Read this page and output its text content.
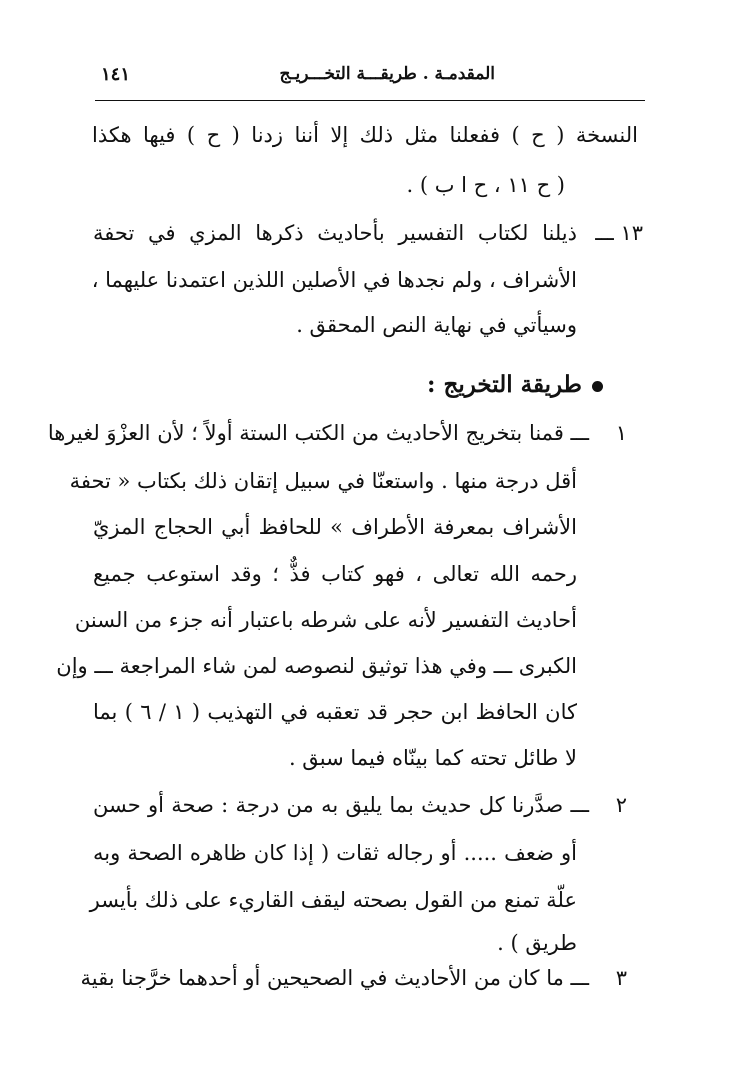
المقدمـة . طريقـــة التخـــريـج
١٤١
النسخة ( ح ) ففعلنا مثل ذلك إلا أننا زدنا ( ح ) فيها هكذا
( ح ١١ ، ح ا ب ) .
١٣ ـــ
ذيلنا لكتاب التفسير بأحاديث ذكرها المزي في تحفة
الأشراف ، ولم نجدها في الأصلين اللذين اعتمدنا عليهما ،
وسيأتي في نهاية النص المحقق .
طريقة التخريج :
١
ـــ قمنا بتخريج الأحاديث من الكتب الستة أولاً ؛ لأن العزْوَ لغيرها
أقل درجة منها . واستعنّا في سبيل إتقان ذلك بكتاب « تحفة
الأشراف بمعرفة الأطراف » للحافظ أبي الحجاج المزيّ
رحمه الله تعالى ، فهو كتاب فذٌّ ؛ وقد استوعب جميع
أحاديث التفسير لأنه على شرطه باعتبار أنه جزء من السنن
الكبرى ـــ وفي هذا توثيق لنصوصه لمن شاء المراجعة ـــ وإن
كان الحافظ ابن حجر قد تعقبه في التهذيب ( ١ / ٦ ) بما
لا طائل تحته كما بينّاه فيما سبق .
٢
ـــ صدَّرنا كل حديث بما يليق به من درجة : صحة أو حسن
أو ضعف ..... أو رجاله ثقات ( إذا كان ظاهره الصحة وبه
علّة تمنع من القول بصحته ليقف القاريء على ذلك بأيسر
طريق ) .
٣
ـــ ما كان من الأحاديث في الصحيحين أو أحدهما خرَّجنا بقية
